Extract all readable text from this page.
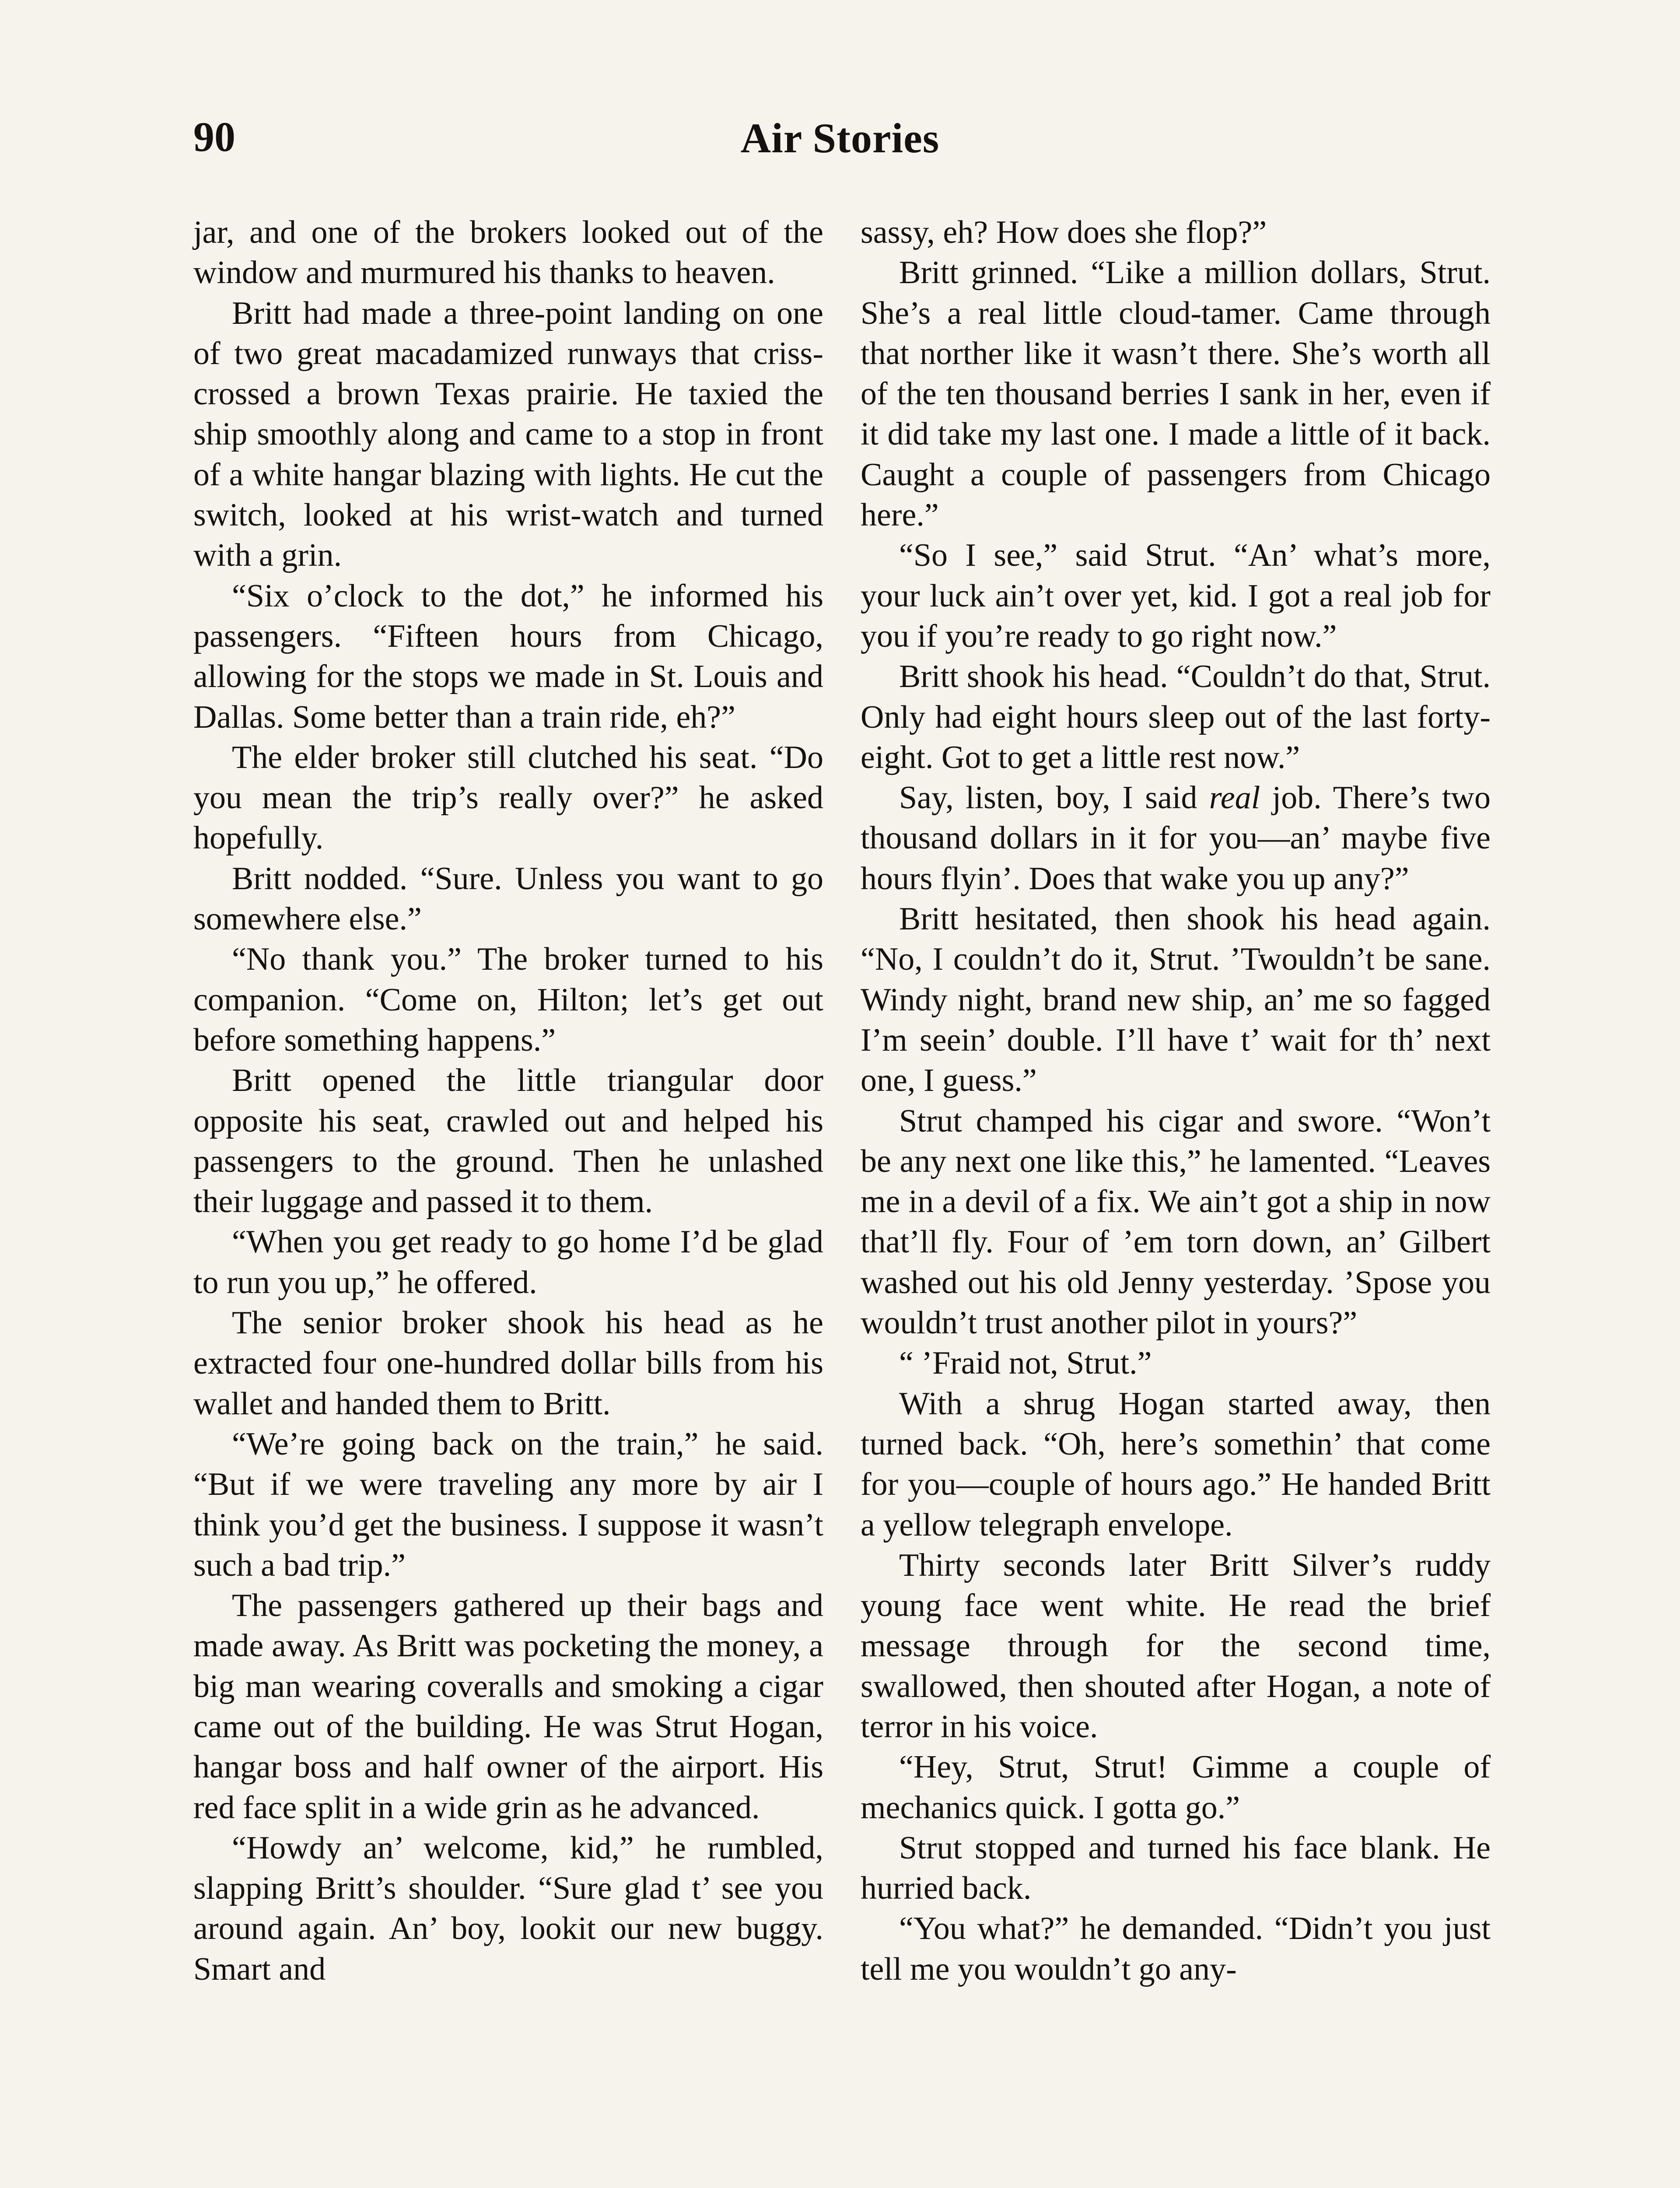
90	Air Stories

jar, and one of the brokers looked out of the window and murmured his thanks to heaven.

Britt had made a three-point landing on one of two great macadamized runways that criss-crossed a brown Texas prairie. He taxied the ship smoothly along and came to a stop in front of a white hangar blazing with lights. He cut the switch, looked at his wrist-watch and turned with a grin.

“Six o’clock to the dot,” he informed his passengers. “Fifteen hours from Chicago, allowing for the stops we made in St. Louis and Dallas. Some better than a train ride, eh?”

The elder broker still clutched his seat. “Do you mean the trip’s really over?” he asked hopefully.

Britt nodded. “Sure. Unless you want to go somewhere else.”

“No thank you.” The broker turned to his companion. “Come on, Hilton; let’s get out before something happens.”

Britt opened the little triangular door opposite his seat, crawled out and helped his passengers to the ground. Then he unlashed their luggage and passed it to them.

“When you get ready to go home I’d be glad to run you up,” he offered.

The senior broker shook his head as he extracted four one-hundred dollar bills from his wallet and handed them to Britt.

“We’re going back on the train,” he said. “But if we were traveling any more by air I think you’d get the business. I suppose it wasn’t such a bad trip.”

The passengers gathered up their bags and made away. As Britt was pocketing the money, a big man wearing coveralls and smoking a cigar came out of the building. He was Strut Hogan, hangar boss and half owner of the airport. His red face split in a wide grin as he advanced.

“Howdy an’ welcome, kid,” he rumbled, slapping Britt’s shoulder. “Sure glad t’ see you around again. An’ boy, lookit our new buggy. Smart and

sassy, eh? How does she flop?”

Britt grinned. “Like a million dollars, Strut. She’s a real little cloud-tamer. Came through that norther like it wasn’t there. She’s worth all of the ten thousand berries I sank in her, even if it did take my last one. I made a little of it back. Caught a couple of passengers from Chicago here.”

“So I see,” said Strut. “An’ what’s more, your luck ain’t over yet, kid. I got a real job for you if you’re ready to go right now.”

Britt shook his head. “Couldn’t do that, Strut. Only had eight hours sleep out of the last forty-eight. Got to get a little rest now.”

Say, listen, boy, I said real job. There’s two thousand dollars in it for you—an’ maybe five hours flyin’. Does that wake you up any?”

Britt hesitated, then shook his head again. “No, I couldn’t do it, Strut. ’Twouldn’t be sane. Windy night, brand new ship, an’ me so fagged I’m seein’ double. I’ll have t’ wait for th’ next one, I guess.”

Strut champed his cigar and swore. “Won’t be any next one like this,” he lamented. “Leaves me in a devil of a fix. We ain’t got a ship in now that’ll fly. Four of ’em torn down, an’ Gilbert washed out his old Jenny yesterday. ’Spose you wouldn’t trust another pilot in yours?”

“ ’Fraid not, Strut.”

With a shrug Hogan started away, then turned back. “Oh, here’s somethin’ that come for you—couple of hours ago.” He handed Britt a yellow telegraph envelope.

Thirty seconds later Britt Silver’s ruddy young face went white. He read the brief message through for the second time, swallowed, then shouted after Hogan, a note of terror in his voice.

“Hey, Strut, Strut! Gimme a couple of mechanics quick. I gotta go.”

Strut stopped and turned his face blank. He hurried back.

“You what?” he demanded. “Didn’t you just tell me you wouldn’t go any-
